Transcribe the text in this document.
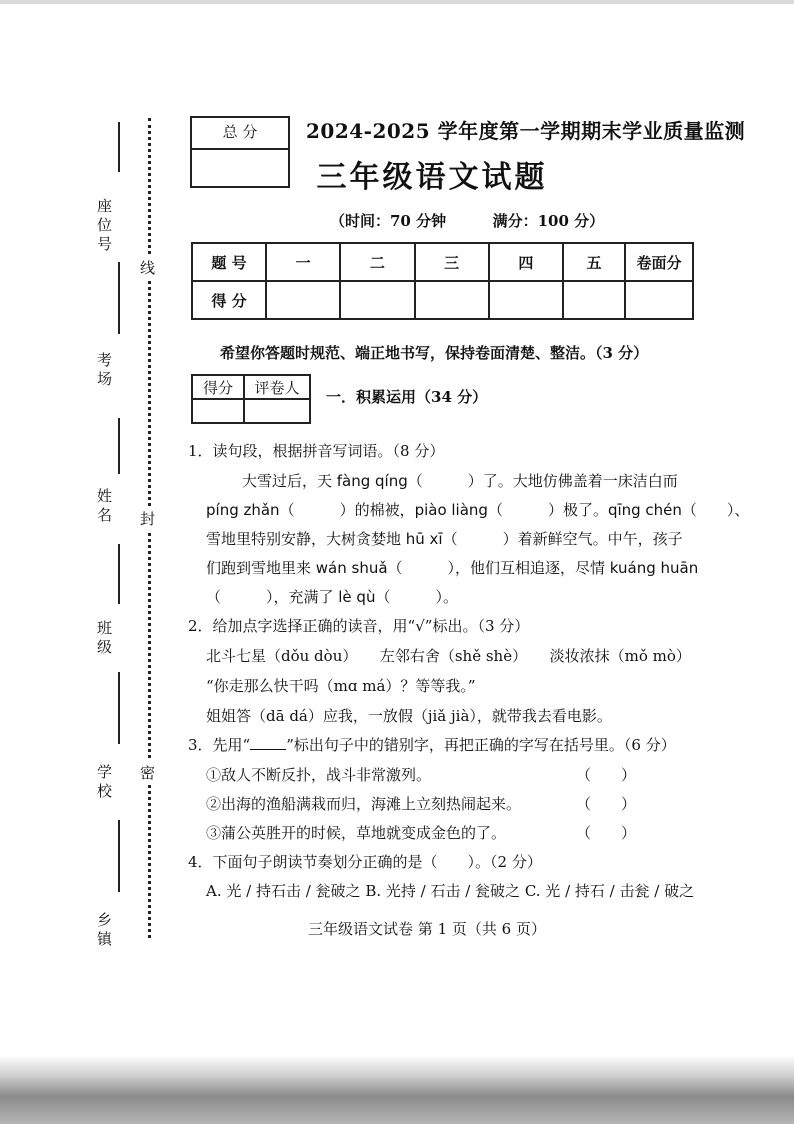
线
封
密
座位号
考场
姓名
班级
学校
乡镇
总 分	2024-2025 学年度第一学期期末学业质量监测
三年级语文试题
（时间：70 分钟	满分：100 分）
题 号	一	二	三	四	五	卷面分
得 分						
希望你答题时规范、端正地书写，保持卷面清楚、整洁。（3 分）
得分	评卷人

一．积累运用（34 分）
1．读句段，根据拼音写词语。（8 分）
大雪过后，天 fàng qíng（　　　）了。大地仿佛盖着一床洁白而
píng zhǎn（　　　）的棉被，piào liàng（　　　）极了。qīng chén（　　）、
雪地里特别安静，大树贪婪地 hū xī（　　　）着新鲜空气。中午，孩子
们跑到雪地里来 wán shuǎ（　　　），他们互相追逐，尽情 kuáng huān
（　　　），充满了 lè qù（　　　）。
2．给加点字选择正确的读音，用“√”标出。（3 分）
北斗七星（dǒu dòu）　　左邻右舍（shě shè）　　淡妆浓抹（mǒ mò）
“你走那么快干吗（mɑ má）？等等我。”
姐姐答（dā dá）应我，一放假（jiǎ jià），就带我去看电影。
3．先用“ ”标出句子中的错别字，再把正确的字写在括号里。（6 分）
①敌人不断反扑，战斗非常激列。	（　　）
②出海的渔船满栽而归，海滩上立刻热闹起来。	（　　）
③蒲公英胜开的时候，草地就变成金色的了。	（　　）
4．下面句子朗读节奏划分正确的是（　　）。（2 分）
A. 光 / 持石击 / 瓮破之 B. 光持 / 石击 / 瓮破之 C. 光 / 持石 / 击瓮 / 破之
三年级语文试卷 第 1 页（共 6 页）
